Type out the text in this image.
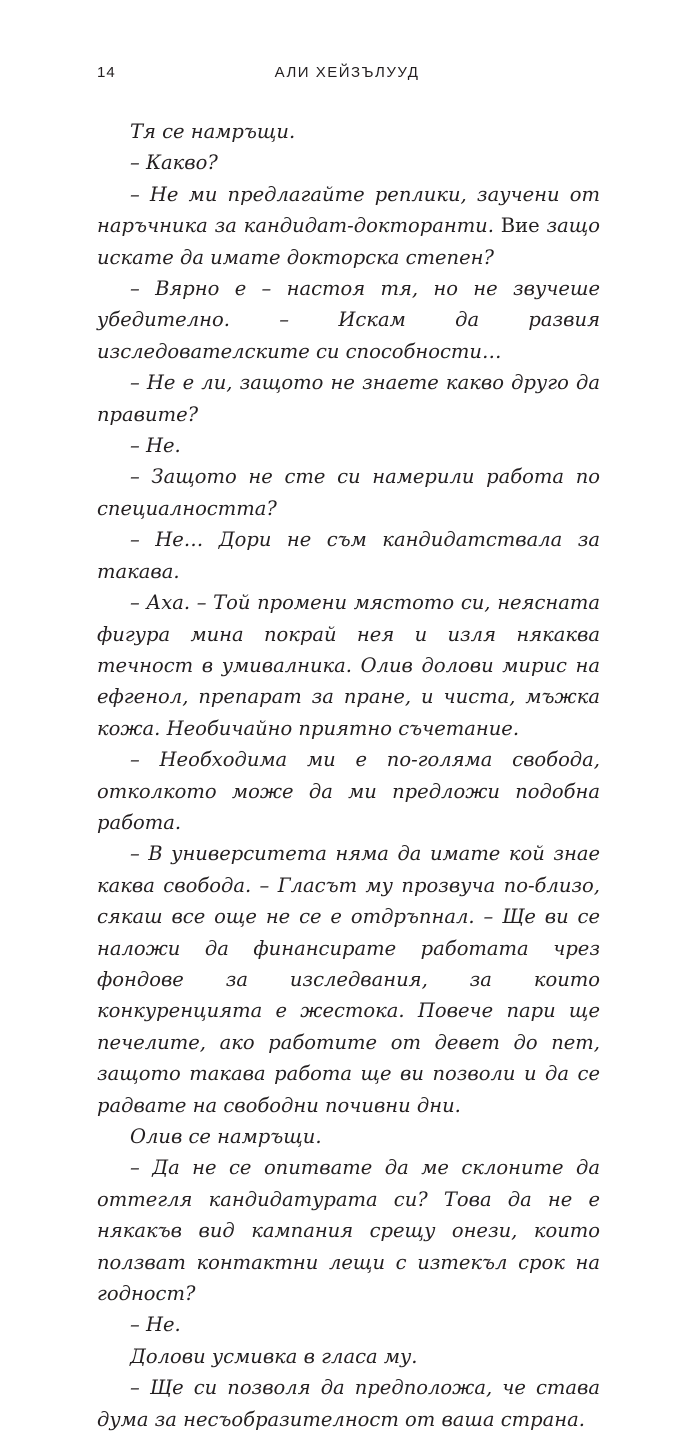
14	АЛИ ХЕЙЗЪЛУУД

Тя се намръщи.

– Какво?

– Не ми предлагайте реплики, заучени от наръчника за кандидат-докторанти. Вие защо искате да имате докторска степен?

– Вярно е – настоя тя, но не звучеше убедително. – Искам да развия изследователските си способности…

– Не е ли, защото не знаете какво друго да правите?

– Не.

– Защото не сте си намерили работа по специалността?

– Не… Дори не съм кандидатствала за такава.

– Аха. – Той промени мястото си, неясната фигура мина покрай нея и изля някаква течност в умивалника. Олив долови мирис на ефгенол, препарат за пране, и чиста, мъжка кожа. Необичайно приятно съчетание.

– Необходима ми е по-голяма свобода, отколкото може да ми предложи подобна работа.

– В университета няма да имате кой знае каква свобода. – Гласът му прозвуча по-близо, сякаш все още не се е отдръпнал. – Ще ви се наложи да финансирате работата чрез фондове за изследвания, за които конкуренцията е жестока. Повече пари ще печелите, ако работите от девет до пет, защото такава работа ще ви позволи и да се радвате на свободни почивни дни.

Олив се намръщи.

– Да не се опитвате да ме склоните да оттегля кандидатурата си? Това да не е някакъв вид кампания срещу онези, които ползват контактни лещи с изтекъл срок на годност?

– Не.

Долови усмивка в гласа му.

– Ще си позволя да предположа, че става дума за несъобразителност от ваша страна.
